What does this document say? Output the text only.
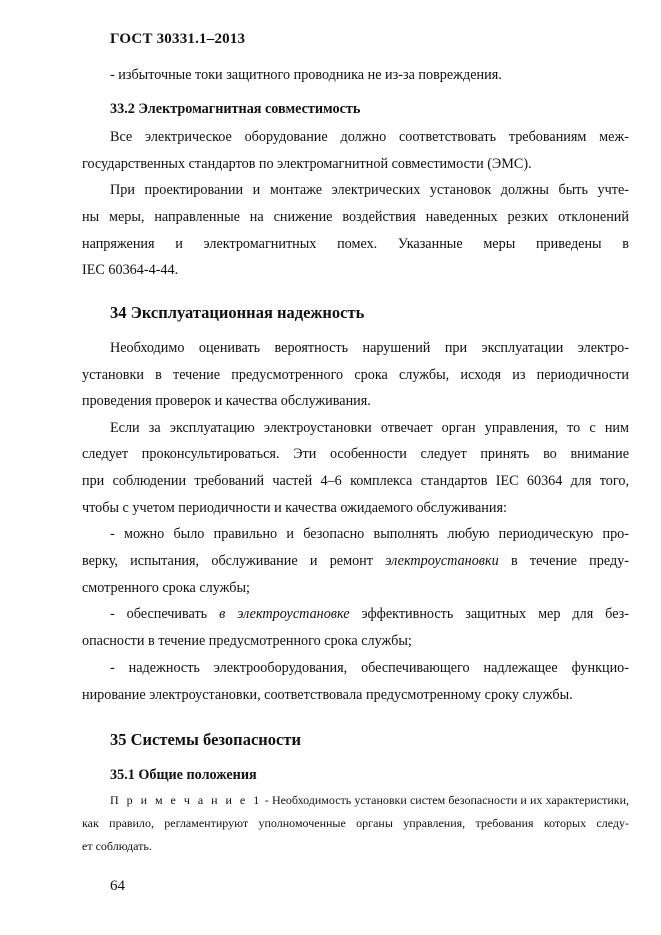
ГОСТ 30331.1–2013
- избыточные токи защитного проводника не из-за повреждения.
33.2 Электромагнитная совместимость
Все электрическое оборудование должно соответствовать требованиям меж-
государственных стандартов по электромагнитной совместимости (ЭМС).
При проектировании и монтаже электрических установок должны быть учте-
ны меры, направленные на снижение воздействия наведенных резких отклонений
напряжения и электромагнитных помех. Указанные меры приведены в
IEC 60364-4-44.
34 Эксплуатационная надежность
Необходимо оценивать вероятность нарушений при эксплуатации электро-
установки в течение предусмотренного срока службы, исходя из периодичности
проведения проверок и качества обслуживания.
Если за эксплуатацию электроустановки отвечает орган управления, то с ним
следует проконсультироваться. Эти особенности следует принять во внимание
при соблюдении требований частей 4–6 комплекса стандартов IEC 60364 для того,
чтобы с учетом периодичности и качества ожидаемого обслуживания:
- можно было правильно и безопасно выполнять любую периодическую про-
верку, испытания, обслуживание и ремонт электроустановки в течение преду-
смотренного срока службы;
- обеспечивать в электроустановке эффективность защитных мер для без-
опасности в течение предусмотренного срока службы;
- надежность электрооборудования, обеспечивающего надлежащее функцио-
нирование электроустановки, соответствовала предусмотренному сроку службы.
35 Системы безопасности
35.1 Общие положения
П р и м е ч а н и е 1 - Необходимость установки систем безопасности и их характеристики,
как правило, регламентируют уполномоченные органы управления, требования которых следу-
ет соблюдать.
64
